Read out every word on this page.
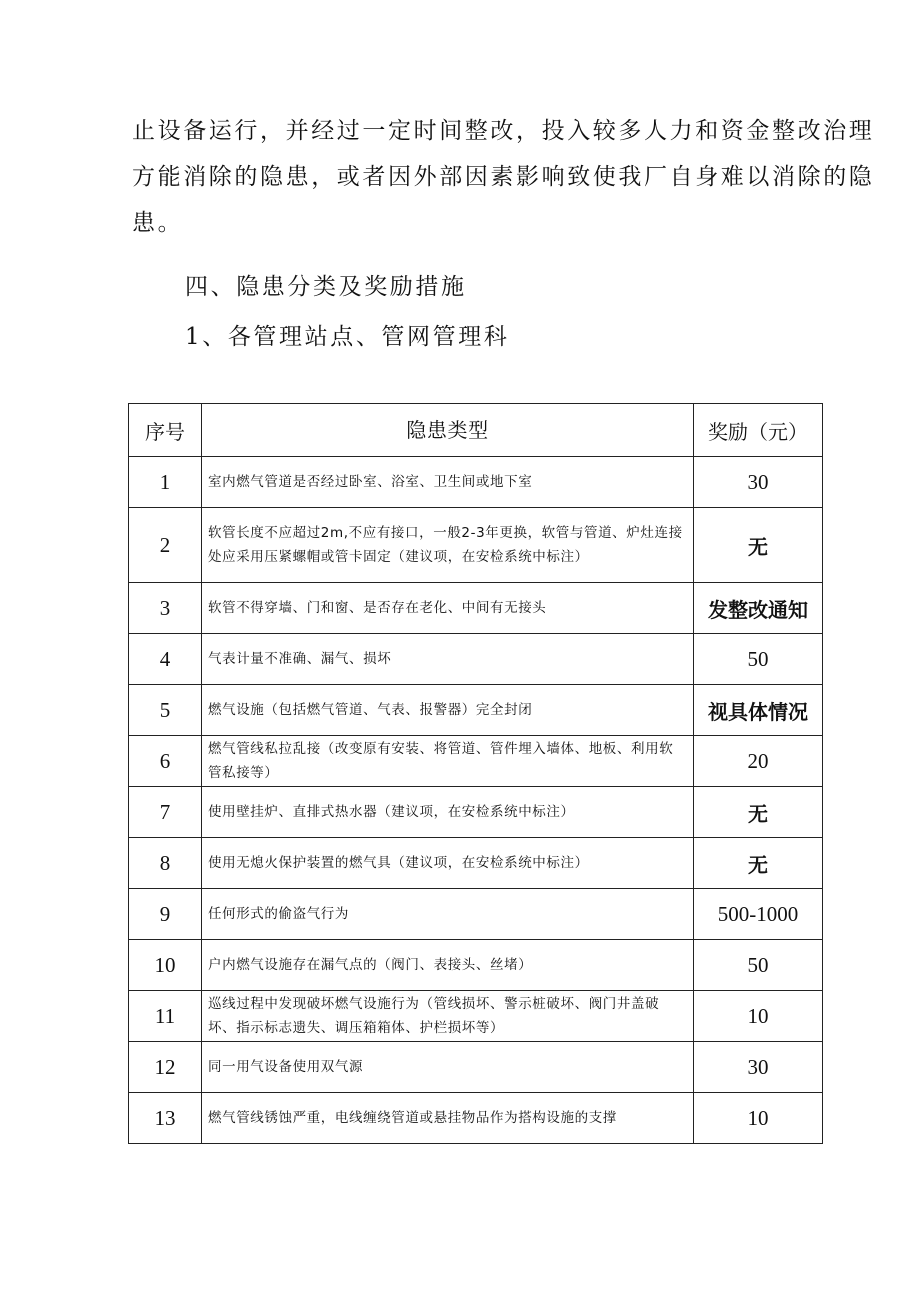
止设备运行，并经过一定时间整改，投入较多人力和资金整改治理
方能消除的隐患，或者因外部因素影响致使我厂自身难以消除的隐
患。
四、隐患分类及奖励措施
1、各管理站点、管网管理科
序号	隐患类型	奖励（元）
1	室内燃气管道是否经过卧室、浴室、卫生间或地下室	30
2	软管长度不应超过2m,不应有接口，一般2-3年更换，软管与管道、炉灶连接处应采用压紧螺帽或管卡固定（建议项，在安检系统中标注）	无
3	软管不得穿墙、门和窗、是否存在老化、中间有无接头	发整改通知
4	气表计量不准确、漏气、损坏	50
5	燃气设施（包括燃气管道、气表、报警器）完全封闭	视具体情况
6	燃气管线私拉乱接（改变原有安装、将管道、管件埋入墙体、地板、利用软管私接等）	20
7	使用壁挂炉、直排式热水器（建议项，在安检系统中标注）	无
8	使用无熄火保护装置的燃气具（建议项，在安检系统中标注）	无
9	任何形式的偷盗气行为	500-1000
10	户内燃气设施存在漏气点的（阀门、表接头、丝堵）	50
11	巡线过程中发现破坏燃气设施行为（管线损坏、警示桩破坏、阀门井盖破坏、指示标志遗失、调压箱箱体、护栏损坏等）	10
12	同一用气设备使用双气源	30
13	燃气管线锈蚀严重，电线缠绕管道或悬挂物品作为搭构设施的支撑	10
